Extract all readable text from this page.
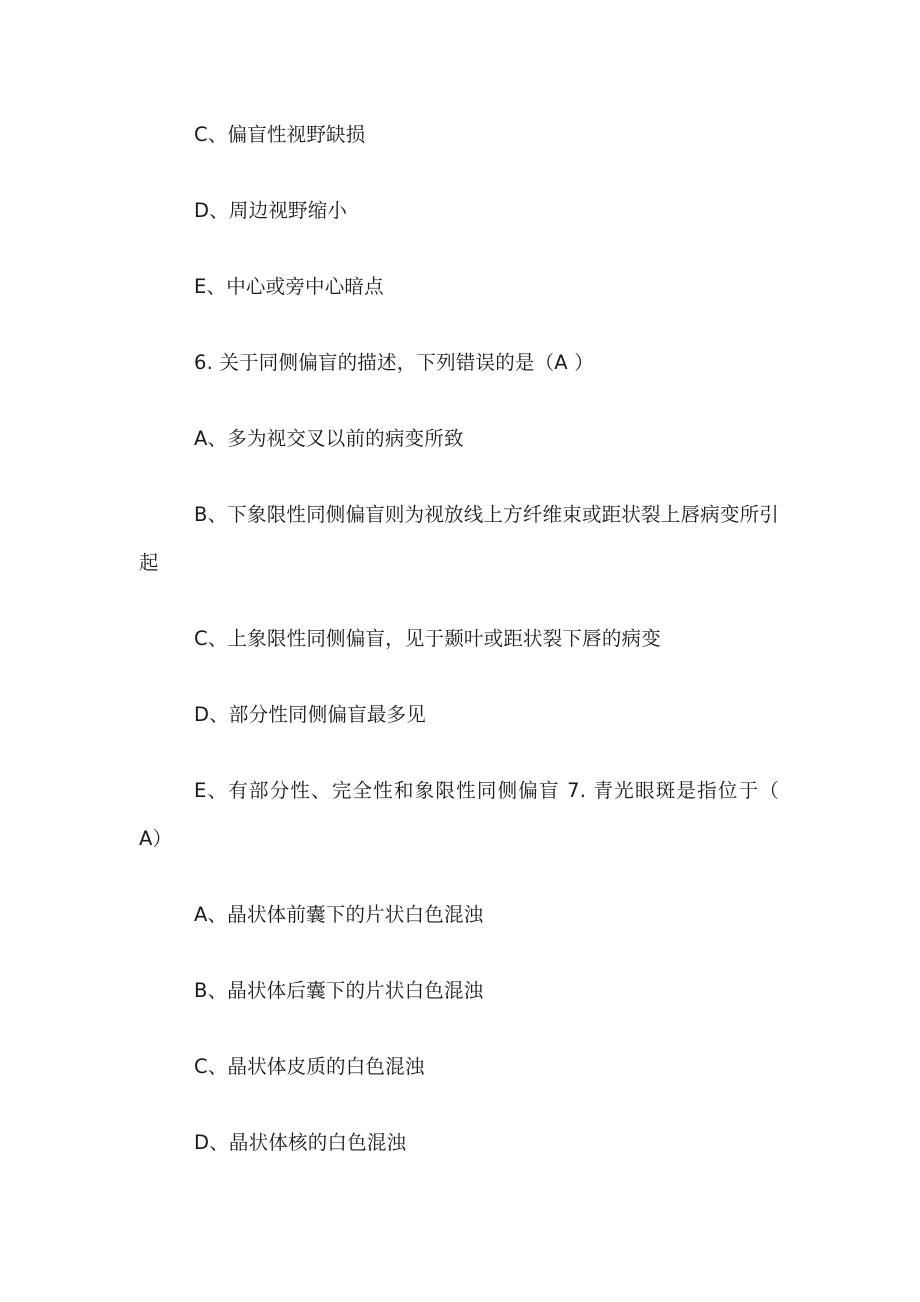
C、偏盲性视野缺损
D、周边视野缩小
E、中心或旁中心暗点
6. 关于同侧偏盲的描述，下列错误的是（A ）
A、多为视交叉以前的病变所致
B、下象限性同侧偏盲则为视放线上方纤维束或距状裂上唇病变所引起
C、上象限性同侧偏盲，见于颞叶或距状裂下唇的病变
D、部分性同侧偏盲最多见
E、有部分性、完全性和象限性同侧偏盲 7. 青光眼斑是指位于（ A）
A、晶状体前囊下的片状白色混浊
B、晶状体后囊下的片状白色混浊
C、晶状体皮质的白色混浊
D、晶状体核的白色混浊
